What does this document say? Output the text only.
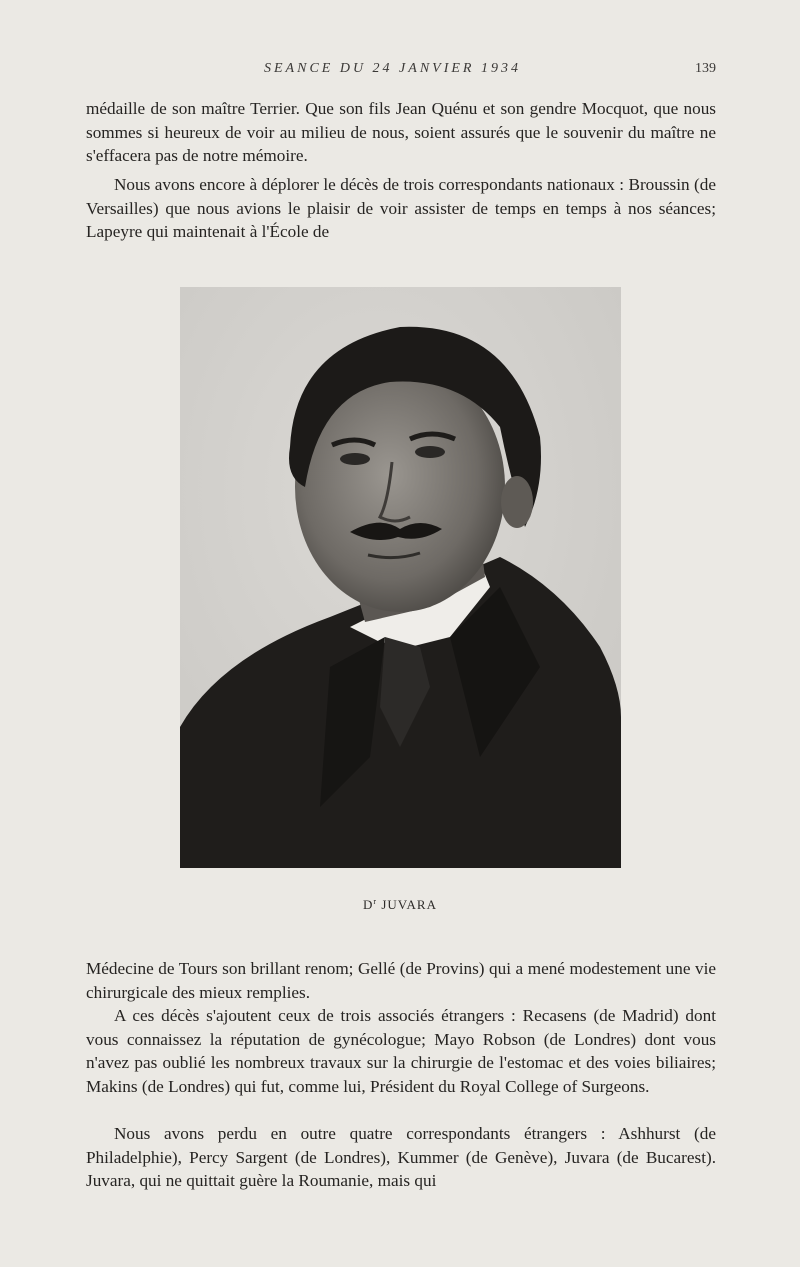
SEANCE DU 24 JANVIER 1934	139

médaille de son maître Terrier. Que son fils Jean Quénu et son gendre Mocquot, que nous sommes si heureux de voir au milieu de nous, soient assurés que le souvenir du maître ne s'effacera pas de notre mémoire.

Nous avons encore à déplorer le décès de trois correspondants nationaux : Broussin (de Versailles) que nous avions le plaisir de voir assister de temps en temps à nos séances; Lapeyre qui maintenait à l'École de

$D^r$ JUVARA

Médecine de Tours son brillant renom; Gellé (de Provins) qui a mené modestement une vie chirurgicale des mieux remplies.

A ces décès s'ajoutent ceux de trois associés étrangers : Recasens (de Madrid) dont vous connaissez la réputation de gynécologue; Mayo Robson (de Londres) dont vous n'avez pas oublié les nombreux travaux sur la chirurgie de l'estomac et des voies biliaires; Makins (de Londres) qui fut, comme lui, Président du Royal College of Surgeons.

Nous avons perdu en outre quatre correspondants étrangers : Ashhurst (de Philadelphie), Percy Sargent (de Londres), Kummer (de Genève), Juvara (de Bucarest). Juvara, qui ne quittait guère la Roumanie, mais qui
